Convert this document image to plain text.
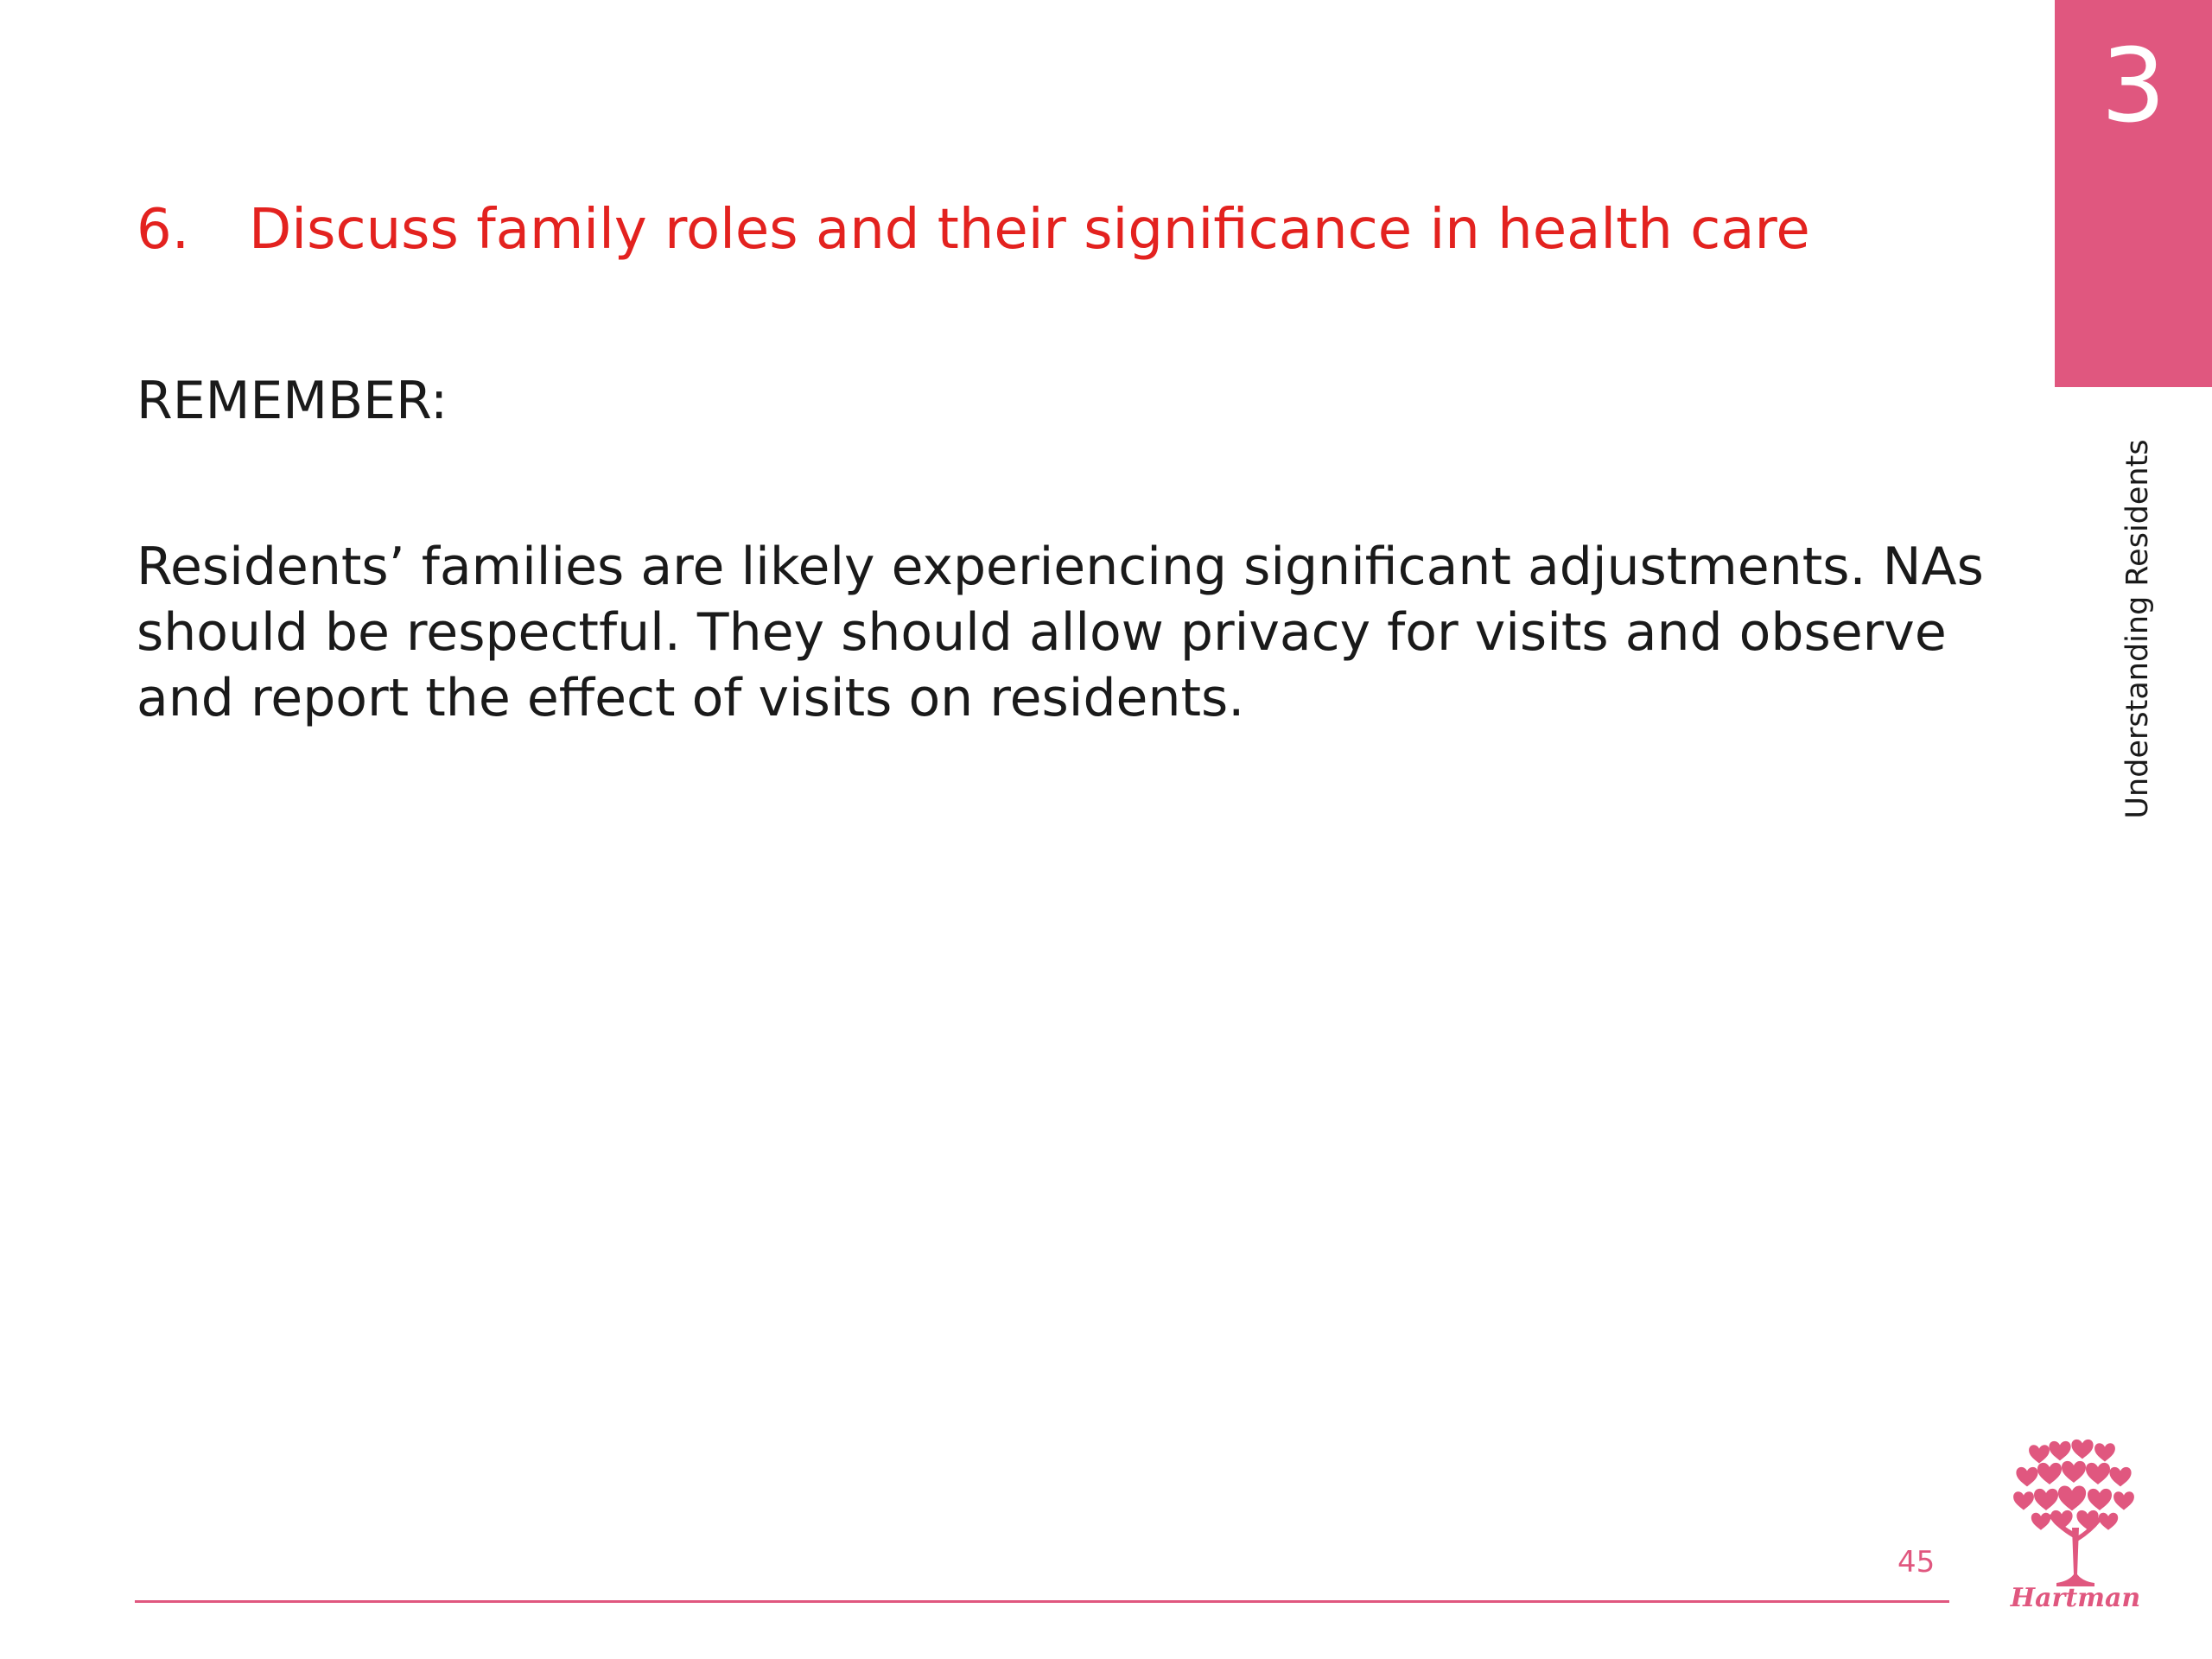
3
Understanding Residents
6. Discuss family roles and their significance in health care

REMEMBER:

Residents’ families are likely experiencing significant adjustments. NAs should be respectful. They should allow privacy for visits and observe and report the effect of visits on residents.

45
Hartman
